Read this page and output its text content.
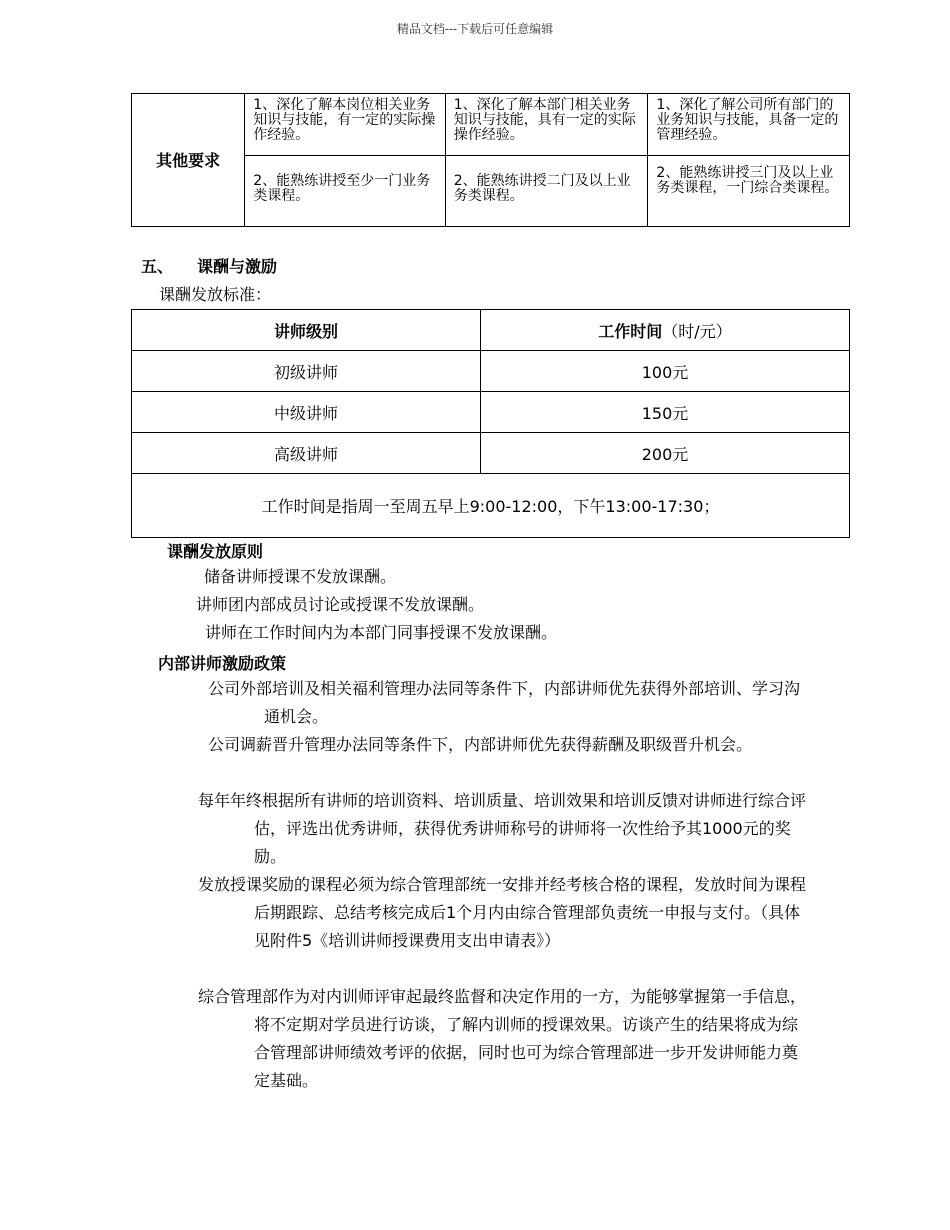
精品文档---下载后可任意编辑
其他要求	1、深化了解本岗位相关业务知识与技能，有一定的实际操作经验。	1、深化了解本部门相关业务知识与技能，具有一定的实际操作经验。	1、深化了解公司所有部门的业务知识与技能，具备一定的管理经验。
	2、能熟练讲授至少一门业务类课程。	2、能熟练讲授二门及以上业务类课程。	2、能熟练讲授三门及以上业务类课程，一门综合类课程。
五、 课酬与激励
课酬发放标准：
讲师级别	工作时间（时/元）
初级讲师	100元
中级讲师	150元
高级讲师	200元
工作时间是指周一至周五早上9:00-12:00，下午13:00-17:30；	
课酬发放原则
储备讲师授课不发放课酬。
讲师团内部成员讨论或授课不发放课酬。
讲师在工作时间内为本部门同事授课不发放课酬。
内部讲师激励政策
公司外部培训及相关福利管理办法同等条件下，内部讲师优先获得外部培训、学习沟通机会。
公司调薪晋升管理办法同等条件下，内部讲师优先获得薪酬及职级晋升机会。
每年年终根据所有讲师的培训资料、培训质量、培训效果和培训反馈对讲师进行综合评估，评选出优秀讲师，获得优秀讲师称号的讲师将一次性给予其1000元的奖励。
发放授课奖励的课程必须为综合管理部统一安排并经考核合格的课程，发放时间为课程后期跟踪、总结考核完成后1个月内由综合管理部负责统一申报与支付。（具体见附件5《培训讲师授课费用支出申请表》）
综合管理部作为对内训师评审起最终监督和决定作用的一方，为能够掌握第一手信息，将不定期对学员进行访谈，了解内训师的授课效果。访谈产生的结果将成为综合管理部讲师绩效考评的依据，同时也可为综合管理部进一步开发讲师能力奠定基础。
